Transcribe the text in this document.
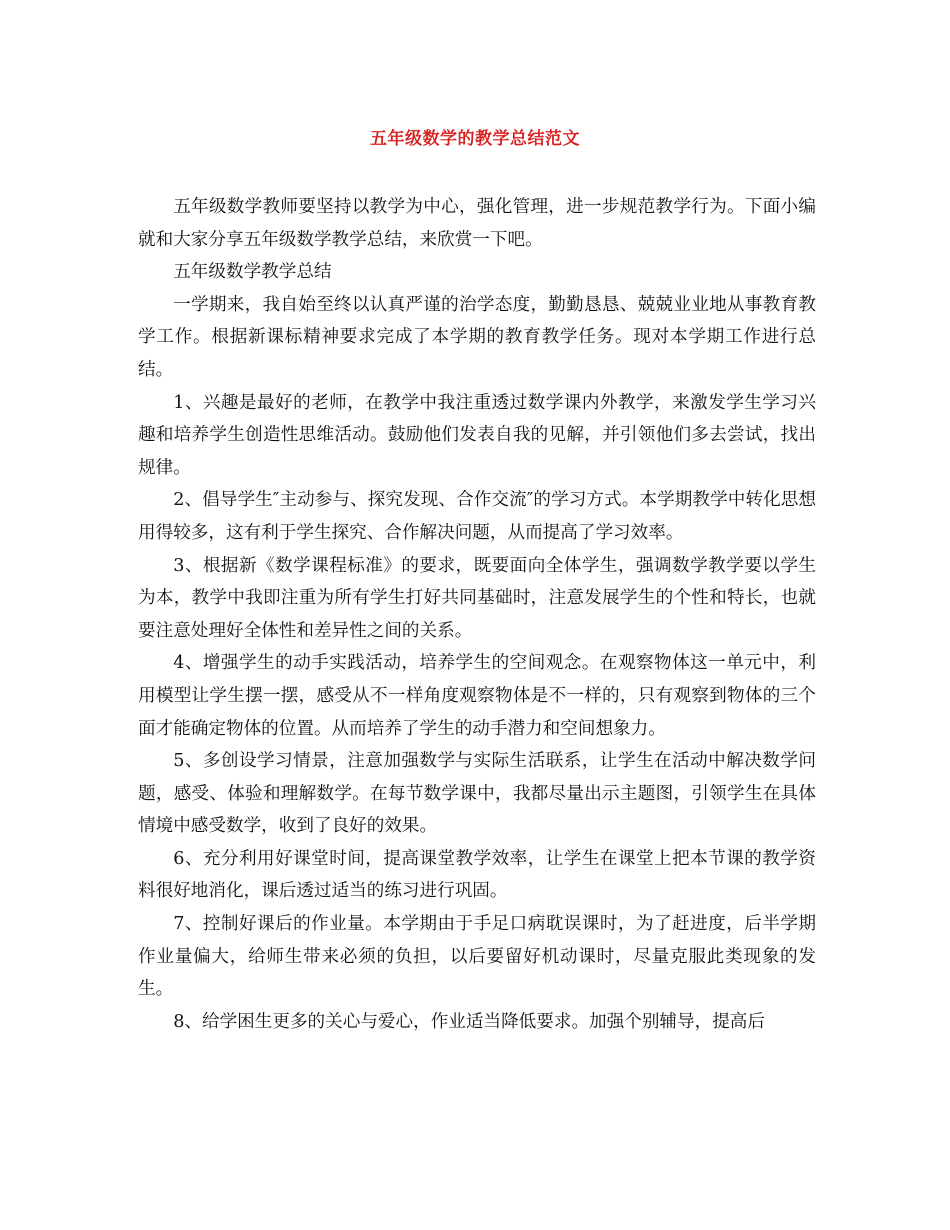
五年级数学的教学总结范文

五年级数学教师要坚持以教学为中心，强化管理，进一步规范教学行为。下面小编就和大家分享五年级数学教学总结，来欣赏一下吧。

五年级数学教学总结

一学期来，我自始至终以认真严谨的治学态度，勤勤恳恳、兢兢业业地从事教育教学工作。根据新课标精神要求完成了本学期的教育教学任务。现对本学期工作进行总结。

1、兴趣是最好的老师，在教学中我注重透过数学课内外教学，来激发学生学习兴趣和培养学生创造性思维活动。鼓励他们发表自我的见解，并引领他们多去尝试，找出规律。

2、倡导学生″主动参与、探究发现、合作交流″的学习方式。本学期教学中转化思想用得较多，这有利于学生探究、合作解决问题，从而提高了学习效率。

3、根据新《数学课程标准》的要求，既要面向全体学生，强调数学教学要以学生为本，教学中我即注重为所有学生打好共同基础时，注意发展学生的个性和特长，也就要注意处理好全体性和差异性之间的关系。

4、增强学生的动手实践活动，培养学生的空间观念。在观察物体这一单元中，利用模型让学生摆一摆，感受从不一样角度观察物体是不一样的，只有观察到物体的三个面才能确定物体的位置。从而培养了学生的动手潜力和空间想象力。

5、多创设学习情景，注意加强数学与实际生活联系，让学生在活动中解决数学问题，感受、体验和理解数学。在每节数学课中，我都尽量出示主题图，引领学生在具体情境中感受数学，收到了良好的效果。

6、充分利用好课堂时间，提高课堂教学效率，让学生在课堂上把本节课的教学资料很好地消化，课后透过适当的练习进行巩固。

7、控制好课后的作业量。本学期由于手足口病耽误课时，为了赶进度，后半学期作业量偏大，给师生带来必须的负担，以后要留好机动课时，尽量克服此类现象的发生。

8、给学困生更多的关心与爱心，作业适当降低要求。加强个别辅导，提高后
